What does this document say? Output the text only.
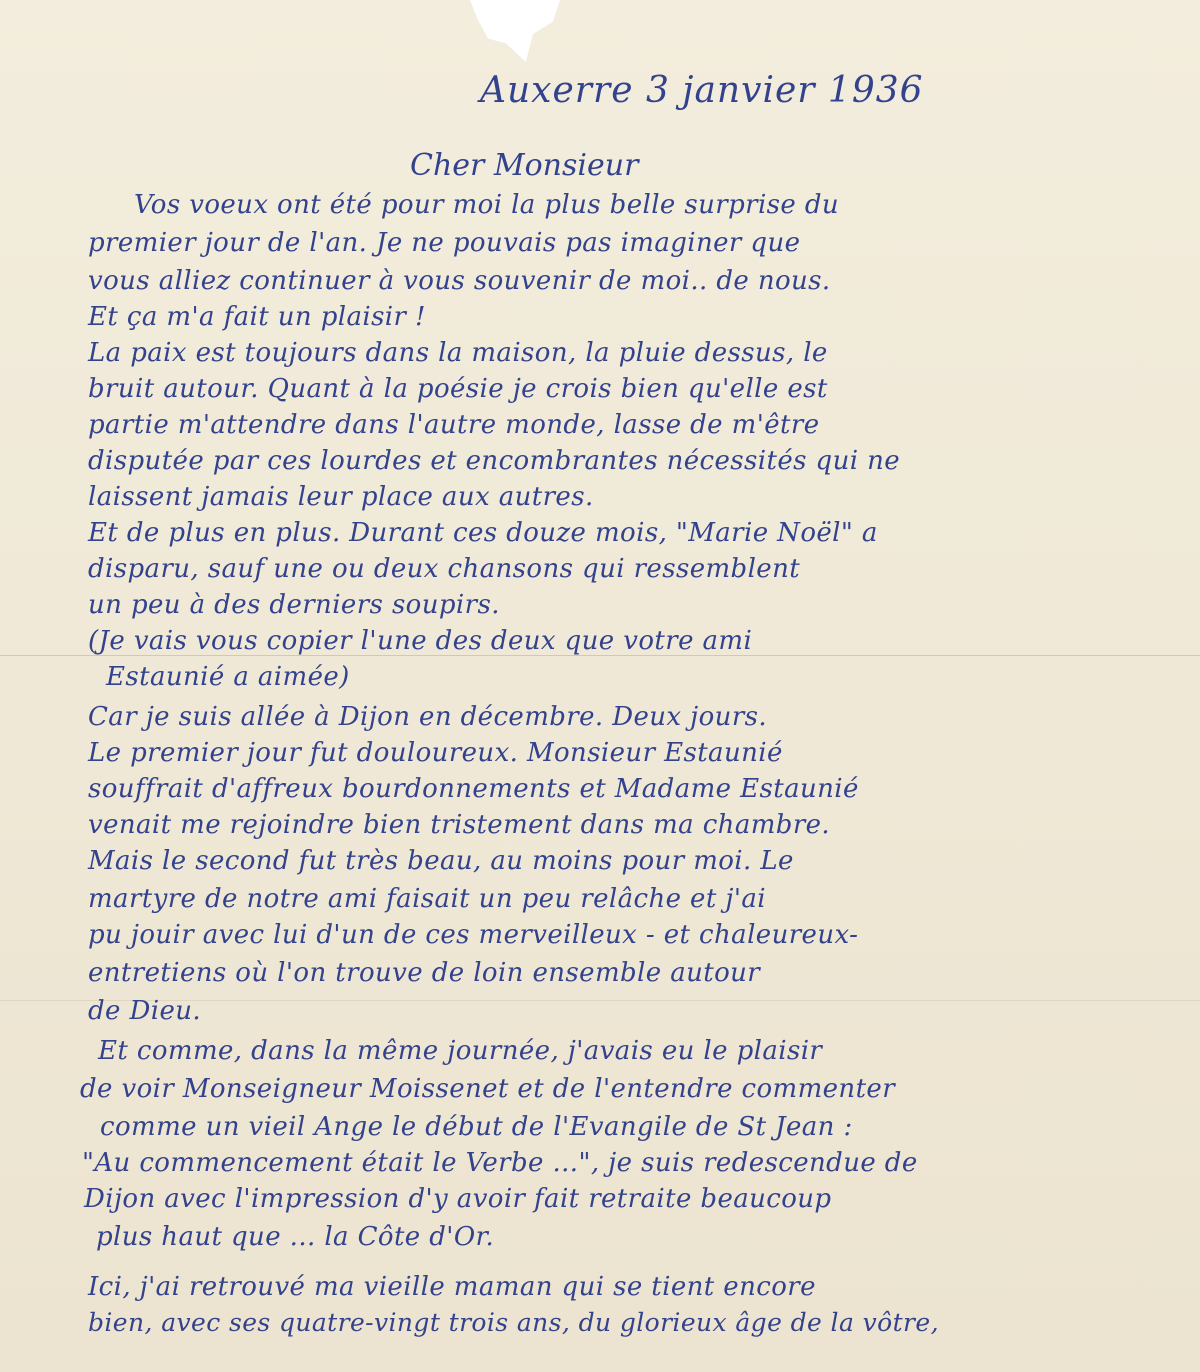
Auxerre 3 janvier 1936
Cher Monsieur
Vos voeux ont été pour moi la plus belle surprise du
premier jour de l'an. Je ne pouvais pas imaginer que
vous alliez continuer à vous souvenir de moi.. de nous.
Et ça m'a fait un plaisir !
La paix est toujours dans la maison, la pluie dessus, le
bruit autour. Quant à la poésie je crois bien qu'elle est
partie m'attendre dans l'autre monde, lasse de m'être
disputée par ces lourdes et encombrantes nécessités qui ne
laissent jamais leur place aux autres.
Et de plus en plus. Durant ces douze mois, "Marie Noël" a
disparu, sauf une ou deux chansons qui ressemblent
un peu à des derniers soupirs.
(Je vais vous copier l'une des deux que votre ami
Estaunié a aimée)
Car je suis allée à Dijon en décembre. Deux jours.
Le premier jour fut douloureux. Monsieur Estaunié
souffrait d'affreux bourdonnements et Madame Estaunié
venait me rejoindre bien tristement dans ma chambre.
Mais le second fut très beau, au moins pour moi. Le
martyre de notre ami faisait un peu relâche et j'ai
pu jouir avec lui d'un de ces merveilleux - et chaleureux-
entretiens où l'on trouve de loin ensemble autour
de Dieu.
Et comme, dans la même journée, j'avais eu le plaisir
de voir Monseigneur Moissenet et de l'entendre commenter
comme un vieil Ange le début de l'Evangile de St Jean :
"Au commencement était le Verbe ...", je suis redescendue de
Dijon avec l'impression d'y avoir fait retraite beaucoup
plus haut que ... la Côte d'Or.
Ici, j'ai retrouvé ma vieille maman qui se tient encore
bien, avec ses quatre-vingt trois ans, du glorieux âge de la vôtre,
